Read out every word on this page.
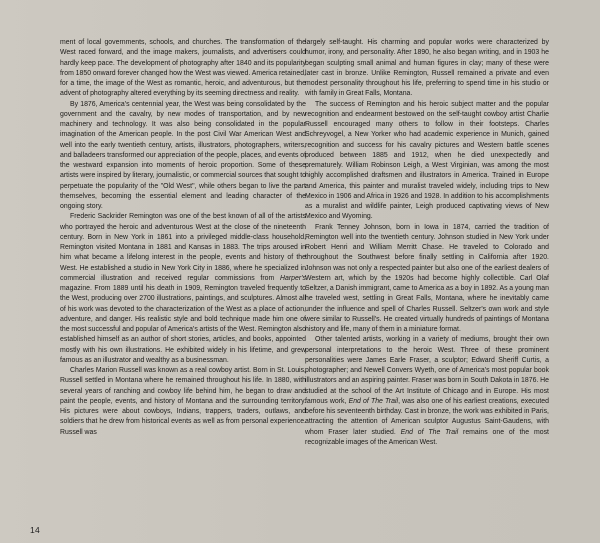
ment of local governments, schools, and churches. The transformation of the West raced forward, and the image makers, journalists, and advertisers could hardly keep pace. The development of photography after 1840 and its popularity from 1850 onward forever changed how the West was viewed. America retained, for a time, the image of the West as romantic, heroic, and adventurous, but the advent of photography altered everything by its seeming directness and reality.

By 1876, America's centennial year, the West was being consolidated by the government and the cavalry, by new modes of transportation, and by new machinery and technology. It was also being consolidated in the popular imagination of the American people. In the post Civil War American West and well into the early twentieth century, artists, illustrators, photographers, writers, and balladeers transformed our appreciation of the people, places, and events of the westward expansion into moments of heroic proportion. Some of these artists were inspired by literary, journalistic, or commercial sources that sought to perpetuate the popularity of the "Old West", while others began to live the part themselves, becoming the essential element and leading character of the ongoing story.

Frederic Sackrider Remington was one of the best known of all of the artists who portrayed the heroic and adventurous West at the close of the nineteenth century. Born in New York in 1861 into a privileged middle-class household, Remington visited Montana in 1881 and Kansas in 1883. The trips aroused in him what became a lifelong interest in the people, events and history of the West. He established a studio in New York City in 1886, where he specialized in commercial illustration and received regular commissions from Harper's magazine. From 1889 until his death in 1909, Remington traveled frequently to the West, producing over 2700 illustrations, paintings, and sculptures. Almost all of his work was devoted to the characterization of the West as a place of action, adventure, and danger. His realistic style and bold technique made him one of the most successful and popular of America's artists of the West. Remington also established himself as an author of short stories, articles, and books, appointed mostly with his own illustrations. He exhibited widely in his lifetime, and grew famous as an illustrator and wealthy as a businessman.

Charles Marion Russell was known as a real cowboy artist. Born in St. Louis, Russell settled in Montana where he remained throughout his life. In 1880, with several years of ranching and cowboy life behind him, he began to draw and paint the people, events, and history of Montana and the surrounding territory. His pictures were about cowboys, Indians, trappers, traders, outlaws, and soldiers that he drew from historical events as well as from personal experience. Russell was

largely self-taught. His charming and popular works were characterized by humor, irony, and personality. After 1890, he also began writing, and in 1903 he began sculpting small animal and human figures in clay; many of these were later cast in bronze. Unlike Remington, Russell remained a private and even modest personality throughout his life, preferring to spend time in his studio or with family in Great Falls, Montana.

The success of Remington and his heroic subject matter and the popular recognition and endearment bestowed on the self-taught cowboy artist Charlie Russell encouraged many others to follow in their footsteps. Charles Schreyvogel, a New Yorker who had academic experience in Munich, gained recognition and success for his cavalry pictures and Western battle scenes produced between 1885 and 1912, when he died unexpectedly and prematurely. William Robinson Leigh, a West Virginian, was among the most highly accomplished draftsmen and illustrators in America. Trained in Europe and America, this painter and muralist traveled widely, including trips to New Mexico in 1906 and Africa in 1926 and 1928. In addition to his accomplishments as a muralist and wildlife painter, Leigh produced captivating views of New Mexico and Wyoming.

Frank Tenney Johnson, born in Iowa in 1874, carried the tradition of Remington well into the twentieth century. Johnson studied in New York under Robert Henri and William Merritt Chase. He traveled to Colorado and throughout the Southwest before finally settling in California after 1920. Johnson was not only a respected painter but also one of the earliest dealers of Western art, which by the 1920s had become highly collectible. Carl Olaf Seltzer, a Danish immigrant, came to America as a boy in 1892. As a young man he traveled west, settling in Great Falls, Montana, where he inevitably came under the influence and spell of Charles Russell. Seltzer's own work and style were similar to Russell's. He created virtually hundreds of paintings of Montana history and life, many of them in a miniature format.

Other talented artists, working in a variety of mediums, brought their own personal interpretations to the heroic West. Three of these prominent personalities were James Earle Fraser, a sculptor; Edward Sheriff Curtis, a photographer; and Newell Convers Wyeth, one of America's most popular book illustrators and an aspiring painter. Fraser was born in South Dakota in 1876. He studied at the school of the Art Institute of Chicago and in Europe. His most famous work, End of The Trail, was also one of his earliest creations, executed before his seventeenth birthday. Cast in bronze, the work was exhibited in Paris, attracting the attention of American sculptor Augustus Saint-Gaudens, with whom Fraser later studied. End of The Trail remains one of the most recognizable images of the American West.

14
